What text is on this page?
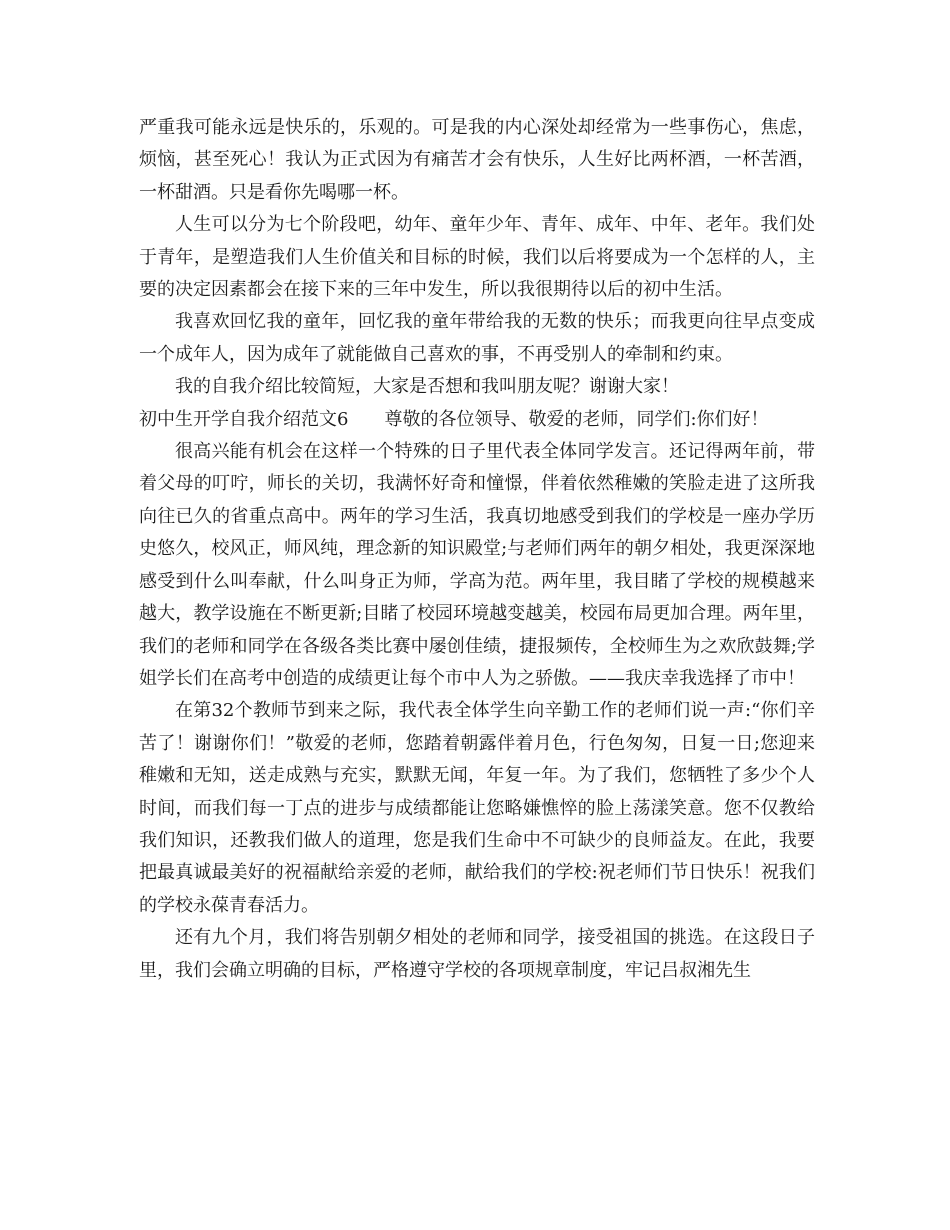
严重我可能永远是快乐的，乐观的。可是我的内心深处却经常为一些事伤心，焦虑，烦恼，甚至死心！我认为正式因为有痛苦才会有快乐，人生好比两杯酒，一杯苦酒，一杯甜酒。只是看你先喝哪一杯。

人生可以分为七个阶段吧，幼年、童年少年、青年、成年、中年、老年。我们处于青年，是塑造我们人生价值关和目标的时候，我们以后将要成为一个怎样的人，主要的决定因素都会在接下来的三年中发生，所以我很期待以后的初中生活。

我喜欢回忆我的童年，回忆我的童年带给我的无数的快乐；而我更向往早点变成一个成年人，因为成年了就能做自己喜欢的事，不再受别人的牵制和约束。

我的自我介绍比较简短，大家是否想和我叫朋友呢？谢谢大家！

初中生开学自我介绍范文6　　尊敬的各位领导、敬爱的老师，同学们:你们好！

很高兴能有机会在这样一个特殊的日子里代表全体同学发言。还记得两年前，带着父母的叮咛，师长的关切，我满怀好奇和憧憬，伴着依然稚嫩的笑脸走进了这所我向往已久的省重点高中。两年的学习生活，我真切地感受到我们的学校是一座办学历史悠久，校风正，师风纯，理念新的知识殿堂;与老师们两年的朝夕相处，我更深深地感受到什么叫奉献，什么叫身正为师，学高为范。两年里，我目睹了学校的规模越来越大，教学设施在不断更新;目睹了校园环境越变越美，校园布局更加合理。两年里，我们的老师和同学在各级各类比赛中屡创佳绩，捷报频传，全校师生为之欢欣鼓舞;学姐学长们在高考中创造的成绩更让每个市中人为之骄傲。——我庆幸我选择了市中！

在第32个教师节到来之际，我代表全体学生向辛勤工作的老师们说一声:“你们辛苦了！谢谢你们！”敬爱的老师，您踏着朝露伴着月色，行色匆匆，日复一日;您迎来稚嫩和无知，送走成熟与充实，默默无闻，年复一年。为了我们，您牺牲了多少个人时间，而我们每一丁点的进步与成绩都能让您略嫌憔悴的脸上荡漾笑意。您不仅教给我们知识，还教我们做人的道理，您是我们生命中不可缺少的良师益友。在此，我要把最真诚最美好的祝福献给亲爱的老师，献给我们的学校:祝老师们节日快乐！祝我们的学校永葆青春活力。

还有九个月，我们将告别朝夕相处的老师和同学，接受祖国的挑选。在这段日子里，我们会确立明确的目标，严格遵守学校的各项规章制度，牢记吕叔湘先生
